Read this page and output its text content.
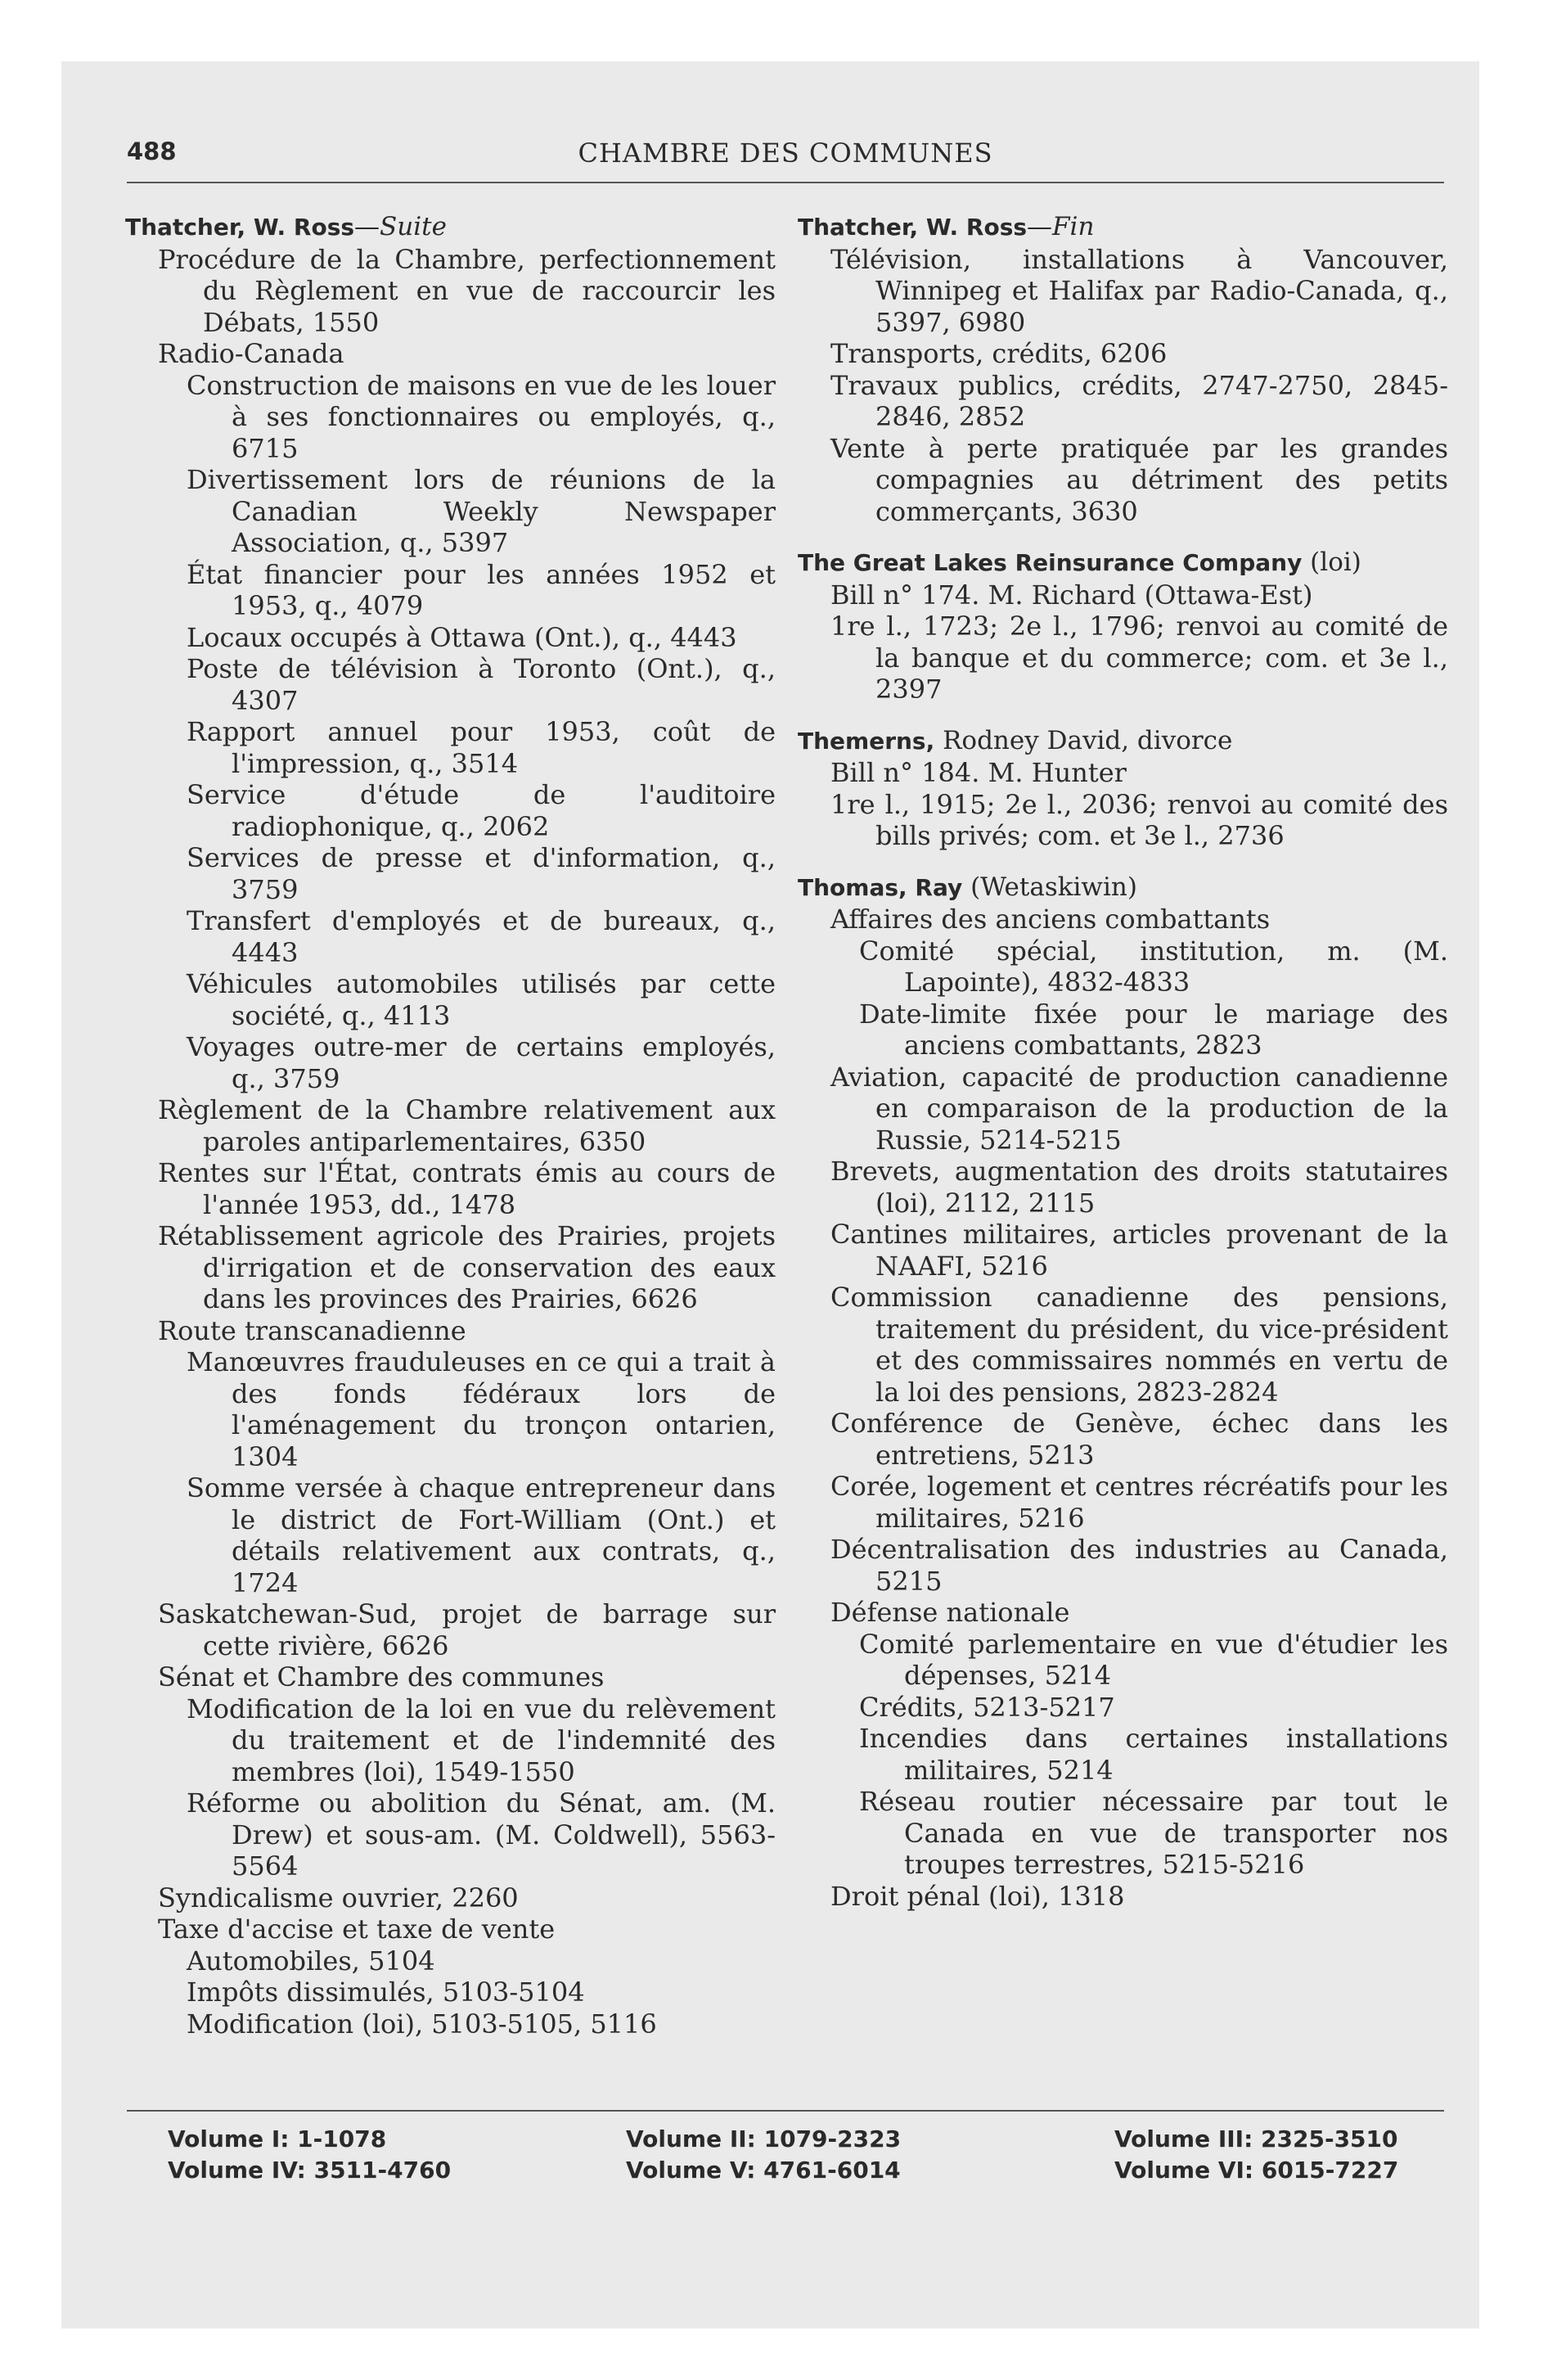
488	CHAMBRE DES COMMUNES
Thatcher, W. Ross—Suite
Procédure de la Chambre, perfectionnement du Règlement en vue de raccourcir les Débats, 1550
Radio-Canada
Construction de maisons en vue de les louer à ses fonctionnaires ou employés, q., 6715
Divertissement lors de réunions de la Canadian Weekly Newspaper Association, q., 5397
État financier pour les années 1952 et 1953, q., 4079
Locaux occupés à Ottawa (Ont.), q., 4443
Poste de télévision à Toronto (Ont.), q., 4307
Rapport annuel pour 1953, coût de l'impression, q., 3514
Service d'étude de l'auditoire radiophonique, q., 2062
Services de presse et d'information, q., 3759
Transfert d'employés et de bureaux, q., 4443
Véhicules automobiles utilisés par cette société, q., 4113
Voyages outre-mer de certains employés, q., 3759
Règlement de la Chambre relativement aux paroles antiparlementaires, 6350
Rentes sur l'État, contrats émis au cours de l'année 1953, dd., 1478
Rétablissement agricole des Prairies, projets d'irrigation et de conservation des eaux dans les provinces des Prairies, 6626
Route transcanadienne
Manœuvres frauduleuses en ce qui a trait à des fonds fédéraux lors de l'aménagement du tronçon ontarien, 1304
Somme versée à chaque entrepreneur dans le district de Fort-William (Ont.) et détails relativement aux contrats, q., 1724
Saskatchewan-Sud, projet de barrage sur cette rivière, 6626
Sénat et Chambre des communes
Modification de la loi en vue du relèvement du traitement et de l'indemnité des membres (loi), 1549-1550
Réforme ou abolition du Sénat, am. (M. Drew) et sous-am. (M. Coldwell), 5563-5564
Syndicalisme ouvrier, 2260
Taxe d'accise et taxe de vente
Automobiles, 5104
Impôts dissimulés, 5103-5104
Modification (loi), 5103-5105, 5116
Thatcher, W. Ross—Fin
Télévision, installations à Vancouver, Winnipeg et Halifax par Radio-Canada, q., 5397, 6980
Transports, crédits, 6206
Travaux publics, crédits, 2747-2750, 2845-2846, 2852
Vente à perte pratiquée par les grandes compagnies au détriment des petits commerçants, 3630
The Great Lakes Reinsurance Company (loi)
Bill n° 174. M. Richard (Ottawa-Est)
1re l., 1723; 2e l., 1796; renvoi au comité de la banque et du commerce; com. et 3e l., 2397
Themerns, Rodney David, divorce
Bill n° 184. M. Hunter
1re l., 1915; 2e l., 2036; renvoi au comité des bills privés; com. et 3e l., 2736
Thomas, Ray (Wetaskiwin)
Affaires des anciens combattants
Comité spécial, institution, m. (M. Lapointe), 4832-4833
Date-limite fixée pour le mariage des anciens combattants, 2823
Aviation, capacité de production canadienne en comparaison de la production de la Russie, 5214-5215
Brevets, augmentation des droits statutaires (loi), 2112, 2115
Cantines militaires, articles provenant de la NAAFI, 5216
Commission canadienne des pensions, traitement du président, du vice-président et des commissaires nommés en vertu de la loi des pensions, 2823-2824
Conférence de Genève, échec dans les entretiens, 5213
Corée, logement et centres récréatifs pour les militaires, 5216
Décentralisation des industries au Canada, 5215
Défense nationale
Comité parlementaire en vue d'étudier les dépenses, 5214
Crédits, 5213-5217
Incendies dans certaines installations militaires, 5214
Réseau routier nécessaire par tout le Canada en vue de transporter nos troupes terrestres, 5215-5216
Droit pénal (loi), 1318
Volume I: 1-1078
Volume IV: 3511-4760
Volume II: 1079-2323
Volume V: 4761-6014
Volume III: 2325-3510
Volume VI: 6015-7227
